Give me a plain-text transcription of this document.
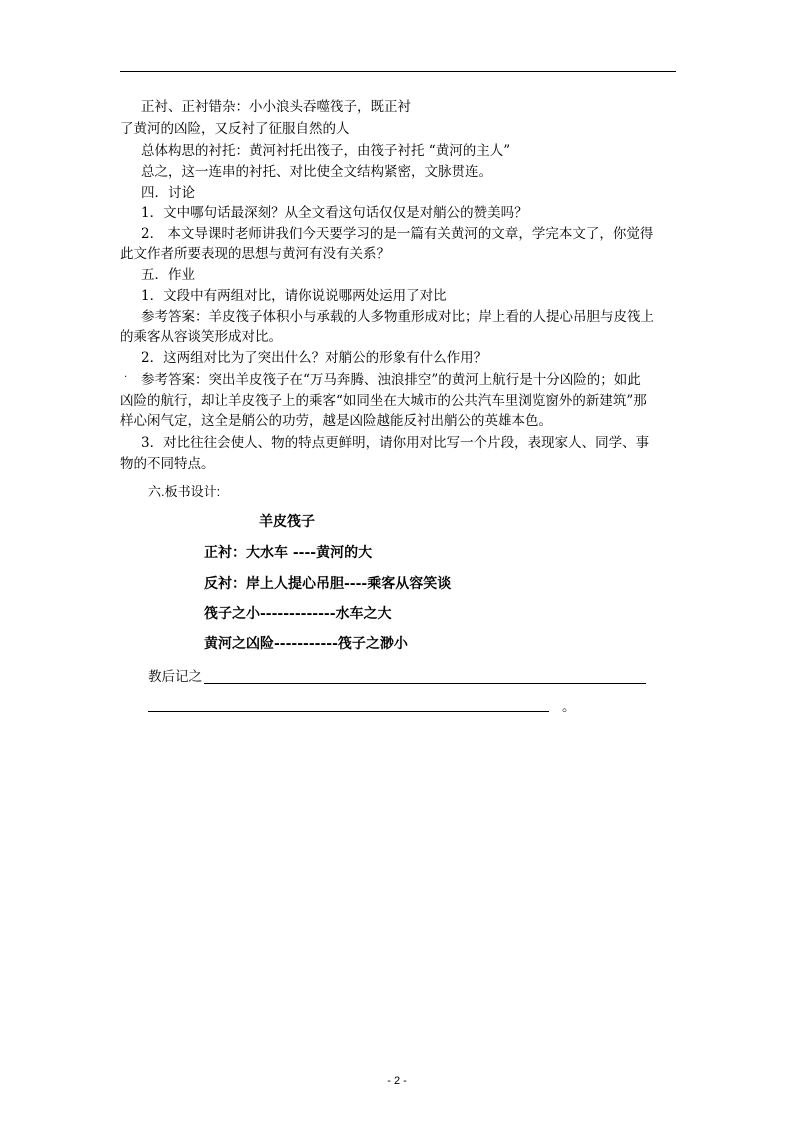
正衬、正衬错杂：小小浪头吞噬筏子，既正衬
了黄河的凶险，又反衬了征服自然的人
总体构思的衬托：黄河衬托出筏子，由筏子衬托 “黄河的主人”
总之，这一连串的衬托、对比使全文结构紧密，文脉贯连。
四．讨论
1．文中哪句话最深刻？从全文看这句话仅仅是对艄公的赞美吗？
2． 本文导课时老师讲我们今天要学习的是一篇有关黄河的文章，学完本文了，你觉得
此文作者所要表现的思想与黄河有没有关系？
五．作业
1．文段中有两组对比，请你说说哪两处运用了对比
参考答案：羊皮筏子体积小与承载的人多物重形成对比；岸上看的人提心吊胆与皮筏上
的乘客从容谈笑形成对比。
2．这两组对比为了突出什么？对艄公的形象有什么作用？
. 参考答案：突出羊皮筏子在“万马奔腾、浊浪排空”的黄河上航行是十分凶险的；如此
凶险的航行，却让羊皮筏子上的乘客“如同坐在大城市的公共汽车里浏览窗外的新建筑”那
样心闲气定，这全是艄公的功劳，越是凶险越能反衬出艄公的英雄本色。
3．对比往往会使人、物的特点更鲜明，请你用对比写一个片段，表现家人、同学、事
物的不同特点。
六.板书设计:
羊皮筏子
正衬：大水车 ----黄河的大
反衬：岸上人提心吊胆----乘客从容笑谈
筏子之小-------------水车之大
黄河之凶险-----------筏子之渺小
教后记之
。
- 2 -
